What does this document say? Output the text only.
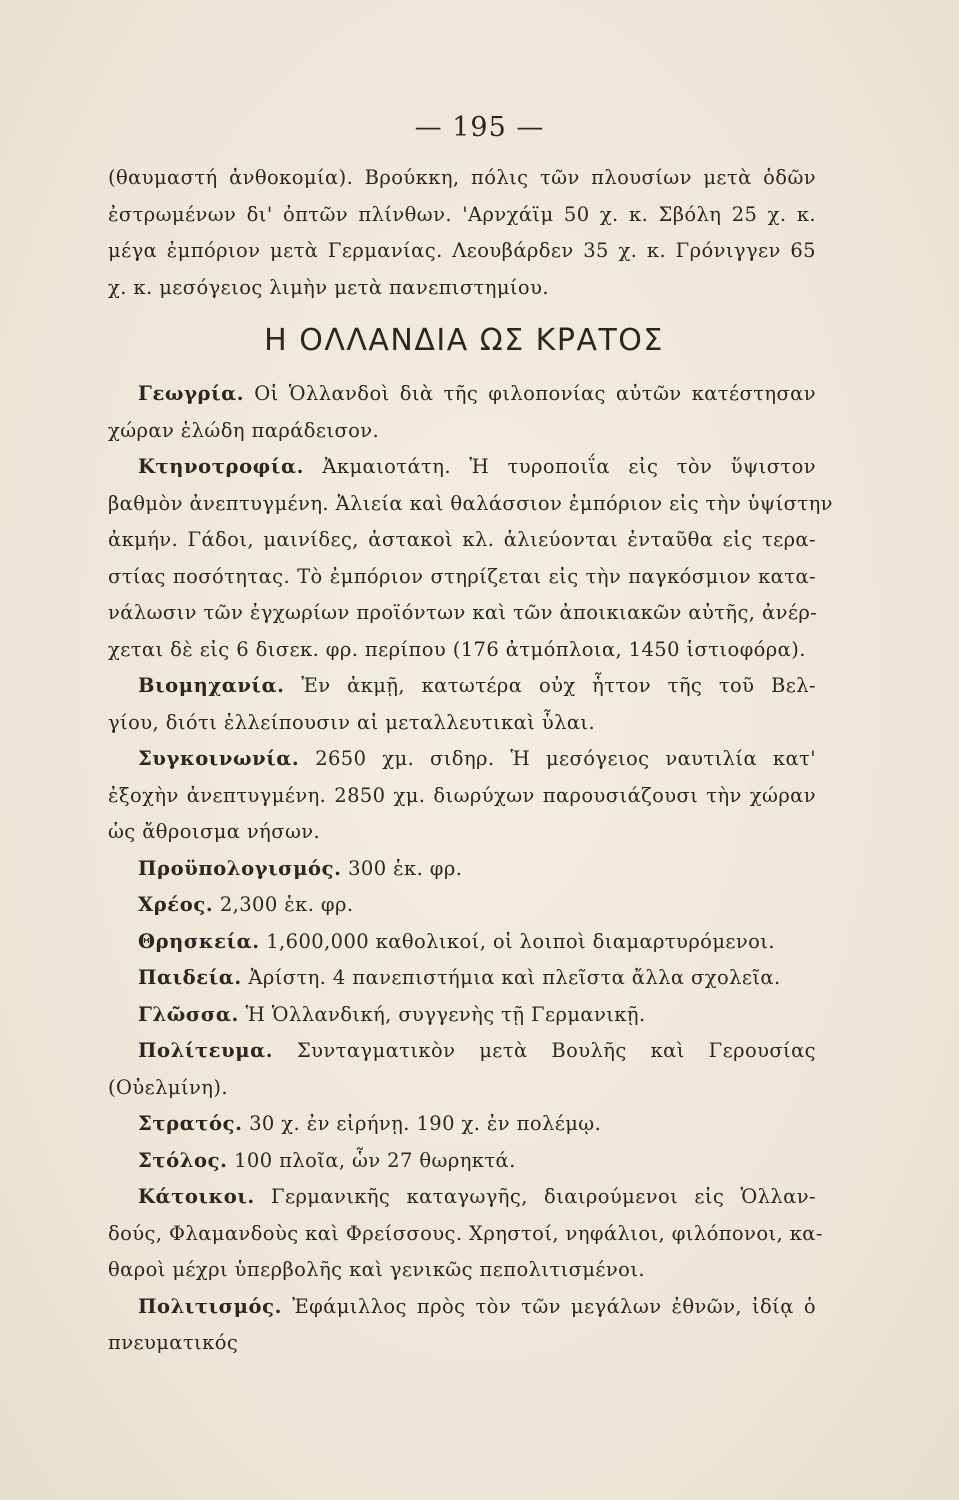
— 195 —
(θαυμαστή ἀνθοκομία). Βρούκκη, πόλις τῶν πλουσίων μετὰ ὁδῶν
ἐστρωμένων δι' ὀπτῶν πλίνθων. 'Αρνχάϊμ 50 χ. κ. Σβόλη 25 χ. κ.
μέγα ἐμπόριον μετὰ Γερμανίας. Λεουβάρδεν 35 χ. κ. Γρόνιγγεν 65
χ. κ. μεσόγειος λιμὴν μετὰ πανεπιστημίου.
Η ΟΛΛΑΝΔΙΑ ΩΣ ΚΡΑΤΟΣ
Γεωγρία. Οἱ Ὁλλανδοὶ διὰ τῆς φιλοπονίας αὐτῶν κατέστησαν
χώραν ἑλώδη παράδεισον.
Κτηνοτροφία. Ἀκμαιοτάτη. Ἡ τυροποιΐα εἰς τὸν ὕψιστον
βαθμὸν ἀνεπτυγμένη. Ἁλιεία καὶ θαλάσσιον ἐμπόριον εἰς τὴν ὑψίστην
ἀκμήν. Γάδοι, μαινίδες, ἀστακοὶ κλ. ἁλιεύονται ἐνταῦθα εἰς τερα-
στίας ποσότητας. Τὸ ἐμπόριον στηρίζεται εἰς τὴν παγκόσμιον κατα-
νάλωσιν τῶν ἐγχωρίων προϊόντων καὶ τῶν ἀποικιακῶν αὐτῆς, ἀνέρ-
χεται δὲ εἰς 6 δισεκ. φρ. περίπου (176 ἀτμόπλοια, 1450 ἱστιοφόρα).
Βιομηχανία. Ἐν ἀκμῇ, κατωτέρα οὐχ ἧττον τῆς τοῦ Βελ-
γίου, διότι ἐλλείπουσιν αἱ μεταλλευτικαὶ ὗλαι.
Συγκοινωνία. 2650 χμ. σιδηρ. Ἡ μεσόγειος ναυτιλία κατ'
ἐξοχὴν ἀνεπτυγμένη. 2850 χμ. διωρύχων παρουσιάζουσι τὴν χώραν
ὡς ἄθροισμα νήσων.
Προϋπολογισμός. 300 ἑκ. φρ.
Χρέος. 2,300 ἑκ. φρ.
Θρησκεία. 1,600,000 καθολικοί, οἱ λοιποὶ διαμαρτυρόμενοι.
Παιδεία. Ἀρίστη. 4 πανεπιστήμια καὶ πλεῖστα ἄλλα σχολεῖα.
Γλῶσσα. Ἡ Ὁλλανδική, συγγενὴς τῇ Γερμανικῇ.
Πολίτευμα. Συνταγματικὸν μετὰ Βουλῆς καὶ Γερουσίας
(Οὐελμίνη).
Στρατός. 30 χ. ἐν εἰρήνῃ. 190 χ. ἐν πολέμῳ.
Στόλος. 100 πλοῖα, ὧν 27 θωρηκτά.
Κάτοικοι. Γερμανικῆς καταγωγῆς, διαιρούμενοι εἰς Ὁλλαν-
δούς, Φλαμανδοὺς καὶ Φρείσσους. Χρηστοί, νηφάλιοι, φιλόπονοι, κα-
θαροὶ μέχρι ὑπερβολῆς καὶ γενικῶς πεπολιτισμένοι.
Πολιτισμός. Ἐφάμιλλος πρὸς τὸν τῶν μεγάλων ἐθνῶν, ἰδίᾳ ὁ
πνευματικός
